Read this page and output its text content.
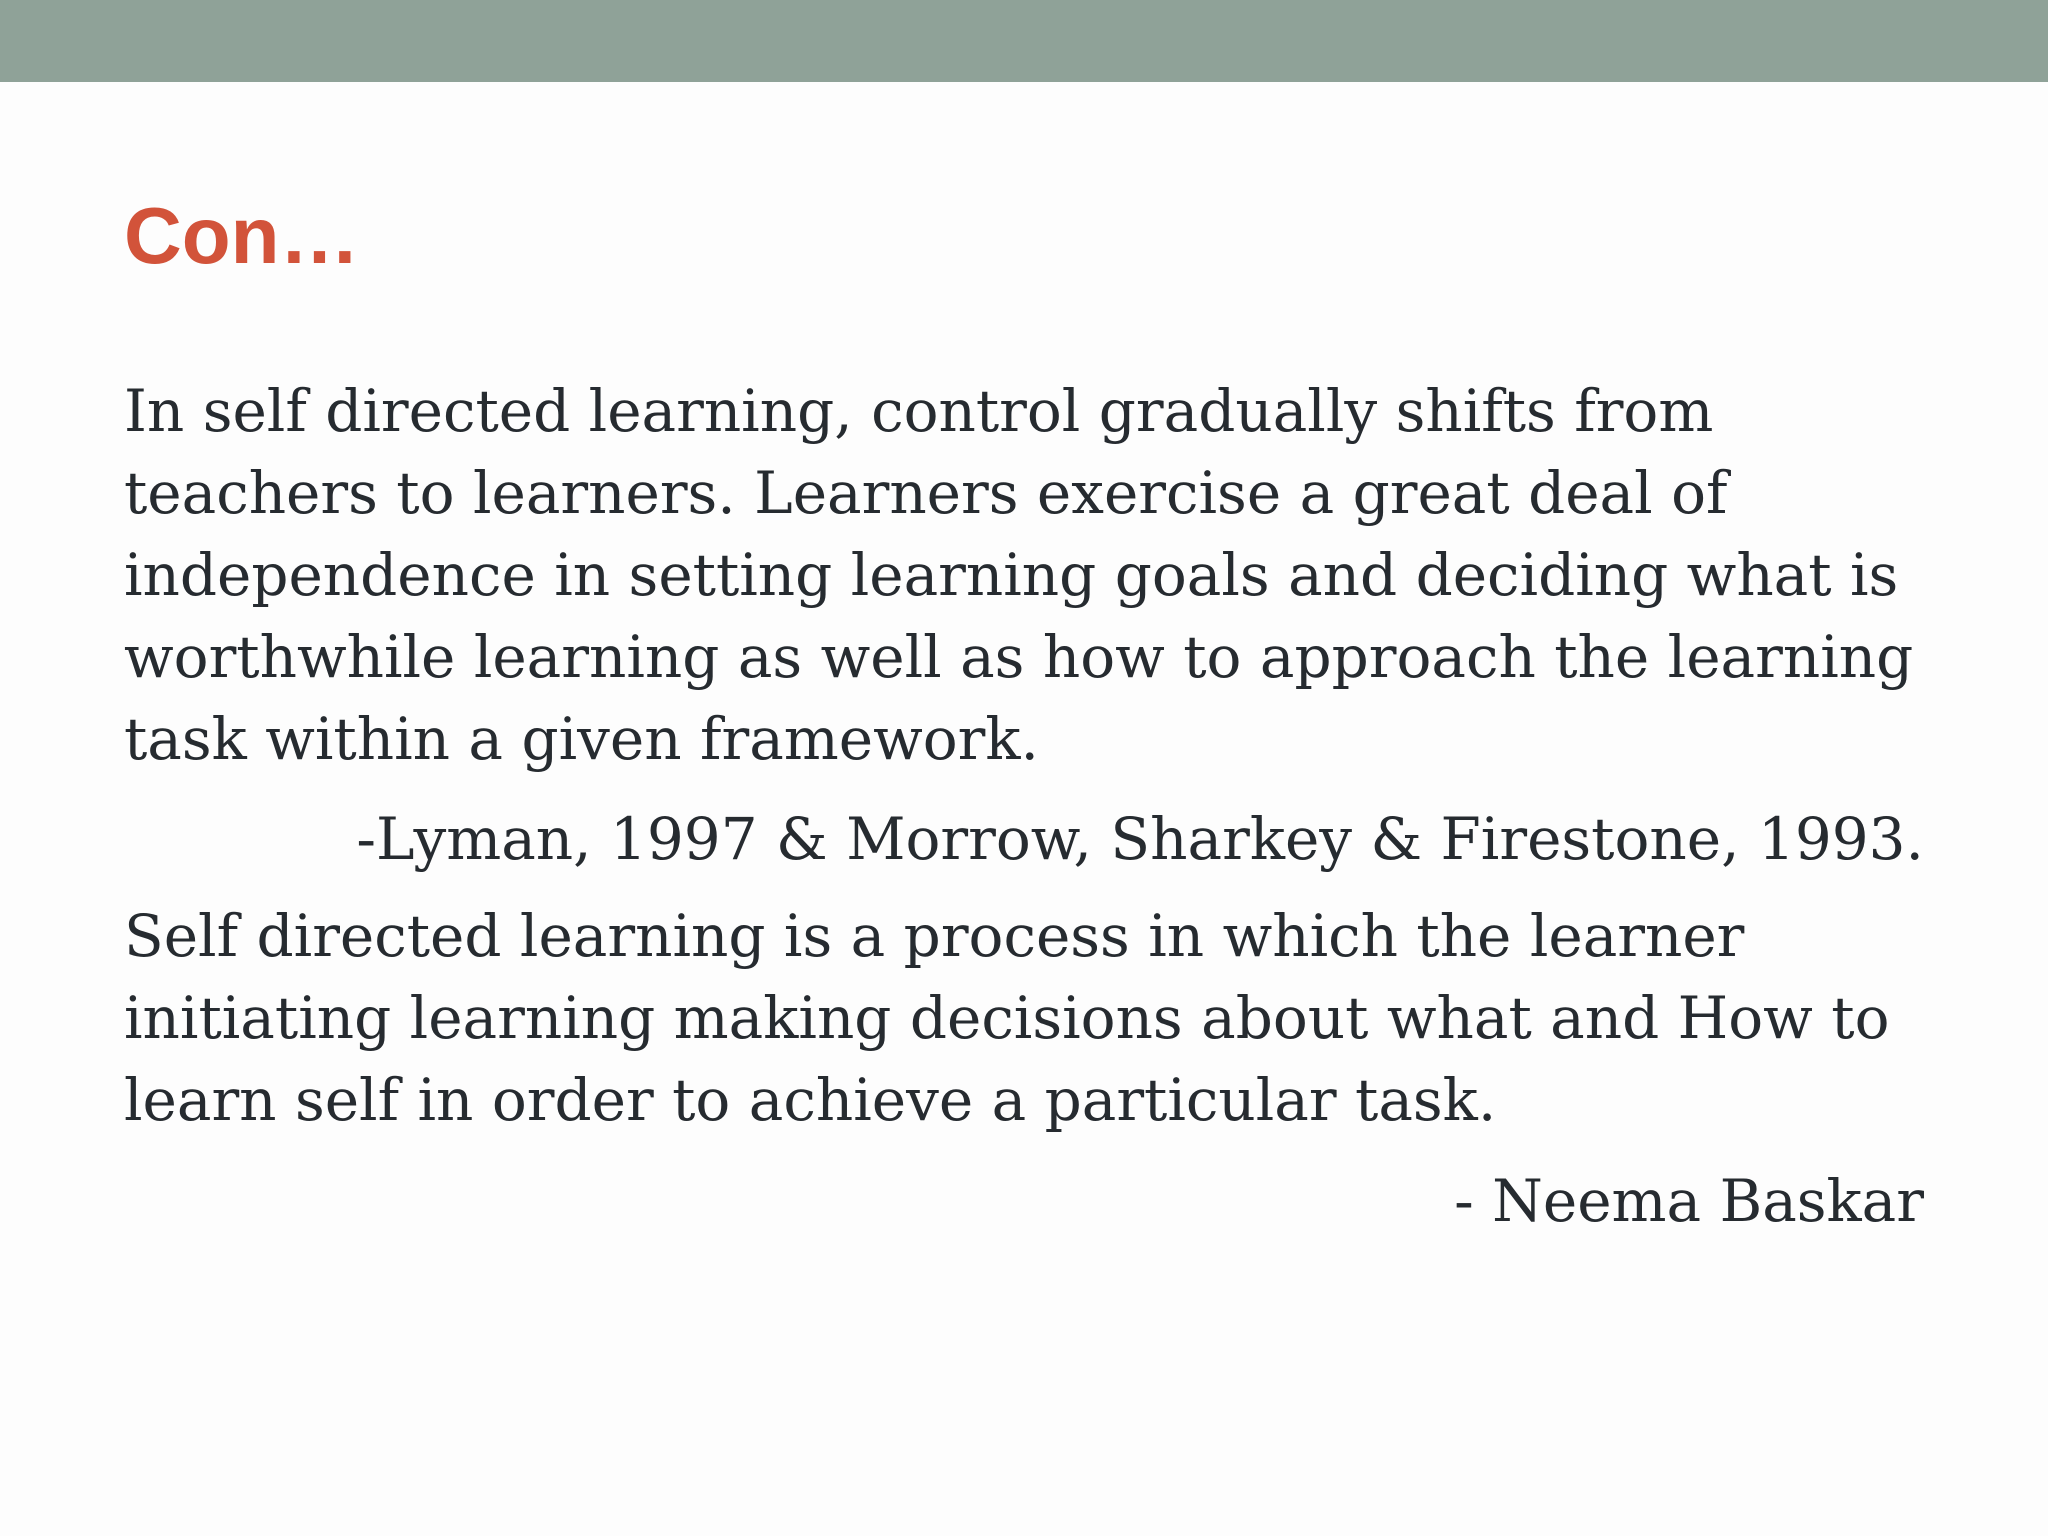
Con…

In self directed learning, control gradually shifts from
teachers to learners. Learners exercise a great deal of
independence in setting learning goals and deciding what is
worthwhile learning as well as how to approach the learning
task within a given framework.

-Lyman, 1997 & Morrow, Sharkey & Firestone, 1993.

Self directed learning is a process in which the learner
initiating learning making decisions about what and How to
learn self in order to achieve a particular task.

- Neema Baskar
